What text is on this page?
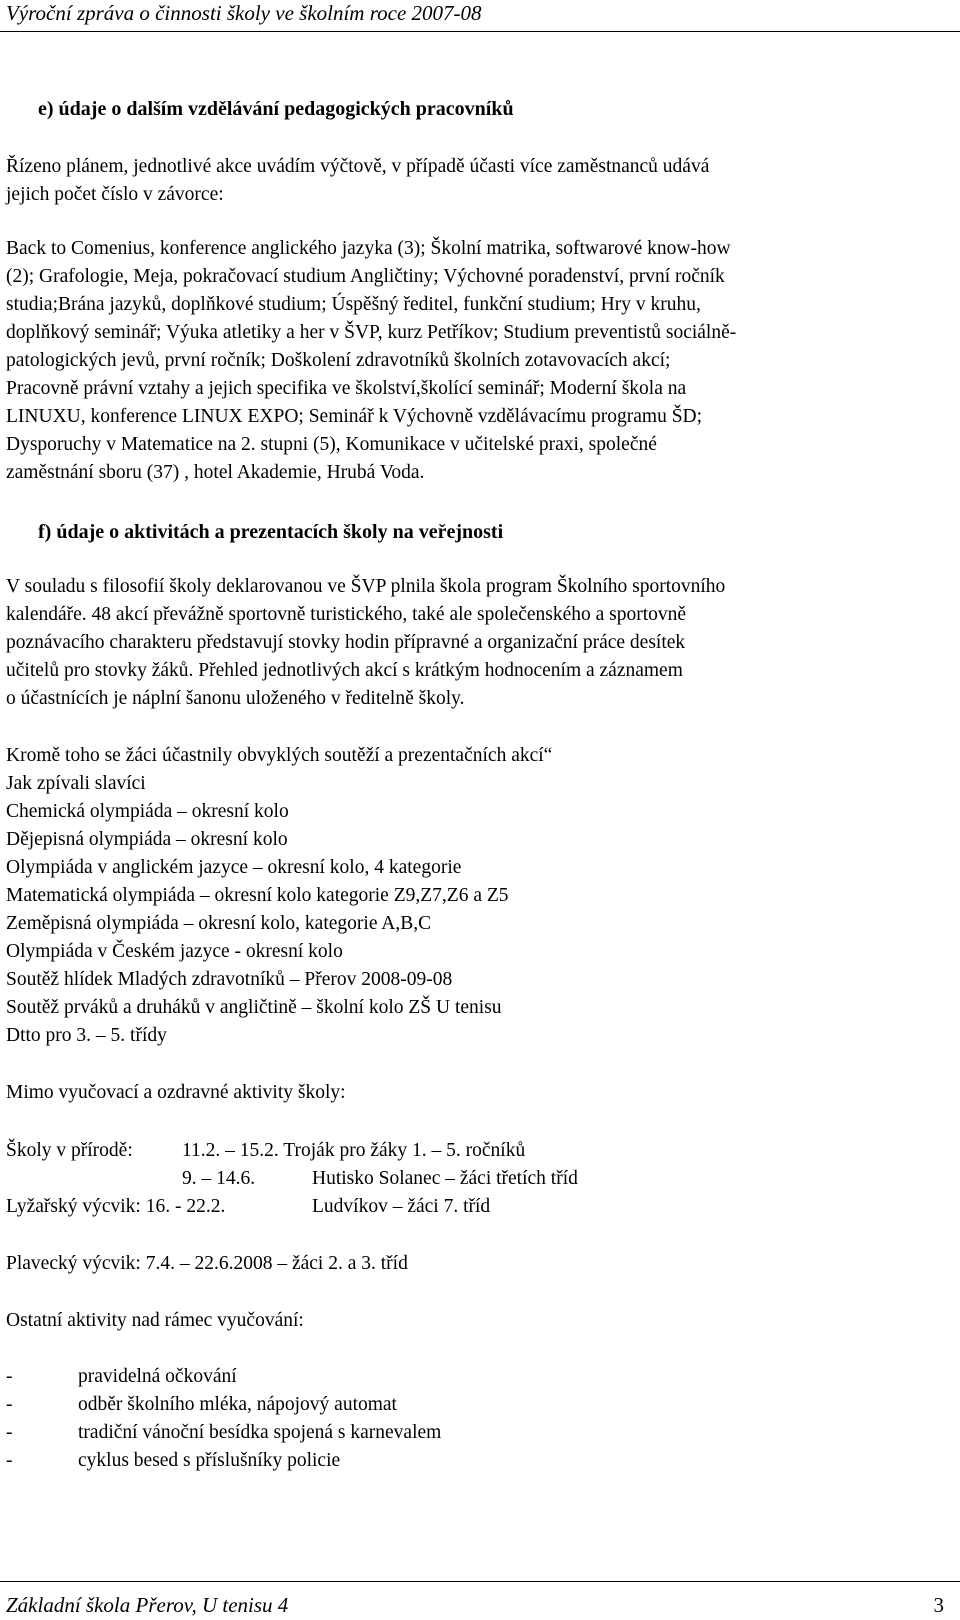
Výroční zpráva o činnosti školy ve školním roce 2007-08
e) údaje o dalším vzdělávání pedagogických pracovníků
Řízeno plánem, jednotlivé akce uvádím výčtově, v případě účasti více zaměstnanců udává
jejich počet číslo v závorce:
Back to Comenius, konference anglického jazyka (3); Školní matrika, softwarové know-how
(2); Grafologie, Meja, pokračovací studium Angličtiny; Výchovné poradenství, první ročník
studia;Brána jazyků, doplňkové studium; Úspěšný ředitel, funkční studium; Hry v kruhu,
doplňkový seminář; Výuka atletiky a her v ŠVP, kurz Petříkov; Studium preventistů sociálně-
patologických jevů, první ročník; Doškolení zdravotníků školních zotavovacích akcí;
Pracovně právní vztahy a jejich specifika ve školství,školící seminář; Moderní škola na
LINUXU, konference LINUX EXPO; Seminář k Výchovně vzdělávacímu programu ŠD;
Dysporuchy v Matematice na 2. stupni (5), Komunikace v učitelské praxi, společné
zaměstnání sboru (37) , hotel Akademie, Hrubá Voda.
f) údaje o aktivitách a prezentacích školy na veřejnosti
V souladu s filosofií školy deklarovanou ve ŠVP plnila škola program Školního sportovního
kalendáře. 48 akcí převážně sportovně turistického, také ale společenského a sportovně
poznávacího charakteru představují stovky hodin přípravné a organizační práce desítek
učitelů pro stovky žáků. Přehled jednotlivých akcí s krátkým hodnocením a záznamem
o účastnících je náplní šanonu uloženého v ředitelně školy.
Kromě toho se žáci účastnily obvyklých soutěží a prezentačních akcí“
Jak zpívali slavíci
Chemická olympiáda – okresní kolo
Dějepisná olympiáda – okresní kolo
Olympiáda v anglickém jazyce – okresní kolo, 4 kategorie
Matematická olympiáda – okresní kolo kategorie Z9,Z7,Z6 a Z5
Zeměpisná olympiáda – okresní kolo, kategorie A,B,C
Olympiáda v Českém jazyce - okresní kolo
Soutěž hlídek Mladých zdravotníků – Přerov 2008-09-08
Soutěž prváků a druháků v angličtině – školní kolo ZŠ U tenisu
Dtto pro 3. – 5. třídy
Mimo vyučovací a ozdravné aktivity školy:
Školy v přírodě:	11.2. – 15.2. Troják pro žáky 1. – 5. ročníků
9. – 14.6.	Hutisko Solanec – žáci třetích tříd
Lyžařský výcvik: 16. - 22.2.	Ludvíkov – žáci 7. tříd
Plavecký výcvik: 7.4. – 22.6.2008 – žáci 2. a 3. tříd
Ostatní aktivity nad rámec vyučování:
-	pravidelná očkování
-	odběr školního mléka, nápojový automat
-	tradiční vánoční besídka spojená s karnevalem
-	cyklus besed s příslušníky policie
Základní škola Přerov, U tenisu 4	3
